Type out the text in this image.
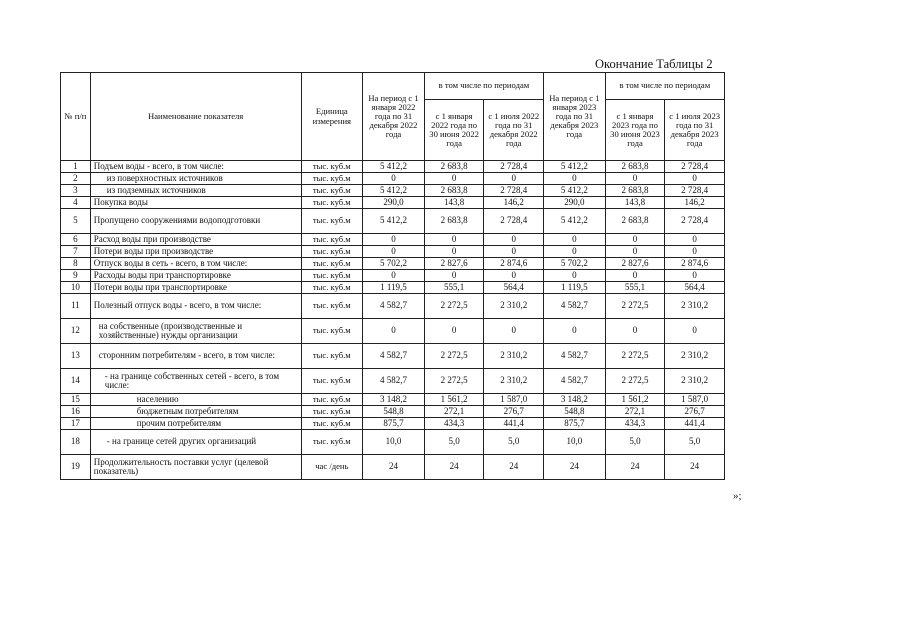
Окончание Таблицы 2
№ п/п	Наименование показателя	Единица измерения	На период с 1 января 2022 года по 31 декабря 2022 года	в том числе по периодам		На период с 1 января 2023 года по 31 декабря 2023 года	в том числе по периодам	
				с 1 января 2022 года по 30 июня 2022 года	с 1 июля 2022 года по 31 декабря 2022 года		с 1 января 2023 года по 30 июня 2023 года	с 1 июля 2023 года по 31 декабря 2023 года
1	Подъем воды - всего, в том числе:	тыс. куб.м	5 412,2	2 683,8	2 728,4	5 412,2	2 683,8	2 728,4
2	из поверхностных источников	тыс. куб.м	0	0	0	0	0	0
3	из подземных источников	тыс. куб.м	5 412,2	2 683,8	2 728,4	5 412,2	2 683,8	2 728,4
4	Покупка воды	тыс. куб.м	290,0	143,8	146,2	290,0	143,8	146,2
5	Пропущено сооружениями водоподготовки	тыс. куб.м	5 412,2	2 683,8	2 728,4	5 412,2	2 683,8	2 728,4
6	Расход воды при производстве	тыс. куб.м	0	0	0	0	0	0
7	Потери воды при производстве	тыс. куб.м	0	0	0	0	0	0
8	Отпуск воды в сеть - всего, в том числе:	тыс. куб.м	5 702,2	2 827,6	2 874,6	5 702,2	2 827,6	2 874,6
9	Расходы воды при транспортировке	тыс. куб.м	0	0	0	0	0	0
10	Потери воды при транспортировке	тыс. куб.м	1 119,5	555,1	564,4	1 119,5	555,1	564,4
11	Полезный отпуск воды - всего, в том числе:	тыс. куб.м	4 582,7	2 272,5	2 310,2	4 582,7	2 272,5	2 310,2
12	на собственные (производственные и хозяйственные) нужды организации	тыс. куб.м	0	0	0	0	0	0
13	сторонним потребителям - всего, в том числе:	тыс. куб.м	4 582,7	2 272,5	2 310,2	4 582,7	2 272,5	2 310,2
14	- на границе собственных сетей - всего, в том числе:	тыс. куб.м	4 582,7	2 272,5	2 310,2	4 582,7	2 272,5	2 310,2
15	населению	тыс. куб.м	3 148,2	1 561,2	1 587,0	3 148,2	1 561,2	1 587,0
16	бюджетным потребителям	тыс. куб.м	548,8	272,1	276,7	548,8	272,1	276,7
17	прочим потребителям	тыс. куб.м	875,7	434,3	441,4	875,7	434,3	441,4
18	- на границе сетей других организаций	тыс. куб.м	10,0	5,0	5,0	10,0	5,0	5,0
19	Продолжительность поставки услуг (целевой показатель)	час /день	24	24	24	24	24	24
»;
